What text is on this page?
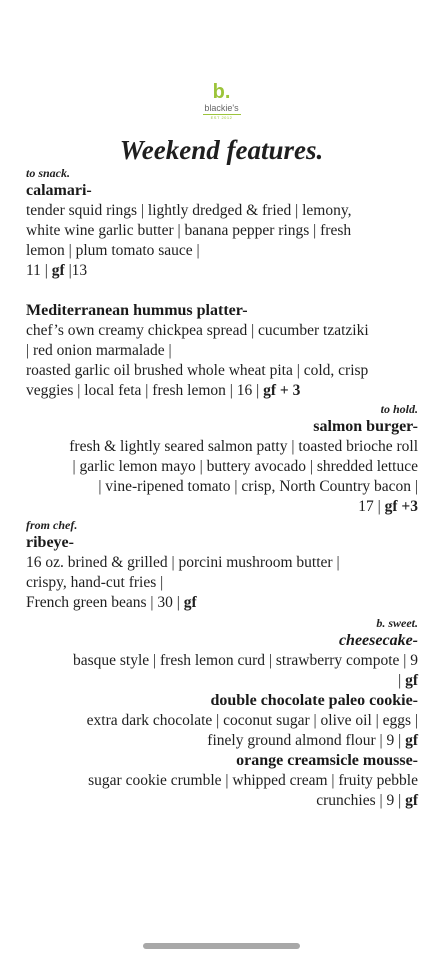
b.
blackie's
EST 2012
Weekend features.
to snack.
calamari-
tender squid rings | lightly dredged & fried | lemony,
white wine garlic butter | banana pepper rings | fresh
lemon | plum tomato sauce |
11 | gf |13
Mediterranean hummus platter-
chef’s own creamy chickpea spread | cucumber tzatziki
| red onion marmalade |
roasted garlic oil brushed whole wheat pita | cold, crisp
veggies | local feta | fresh lemon | 16 | gf + 3
to hold.
salmon burger-
fresh & lightly seared salmon patty | toasted brioche roll
| garlic lemon mayo | buttery avocado | shredded lettuce
| vine-ripened tomato | crisp, North Country bacon |
17 | gf +3
from chef.
ribeye-
16 oz. brined & grilled | porcini mushroom butter |
crispy, hand-cut fries |
French green beans | 30 | gf
b. sweet.
cheesecake-
basque style | fresh lemon curd | strawberry compote | 9
| gf
double chocolate paleo cookie-
extra dark chocolate | coconut sugar | olive oil | eggs |
finely ground almond flour | 9 | gf
orange creamsicle mousse-
sugar cookie crumble | whipped cream | fruity pebble
crunchies | 9 | gf
